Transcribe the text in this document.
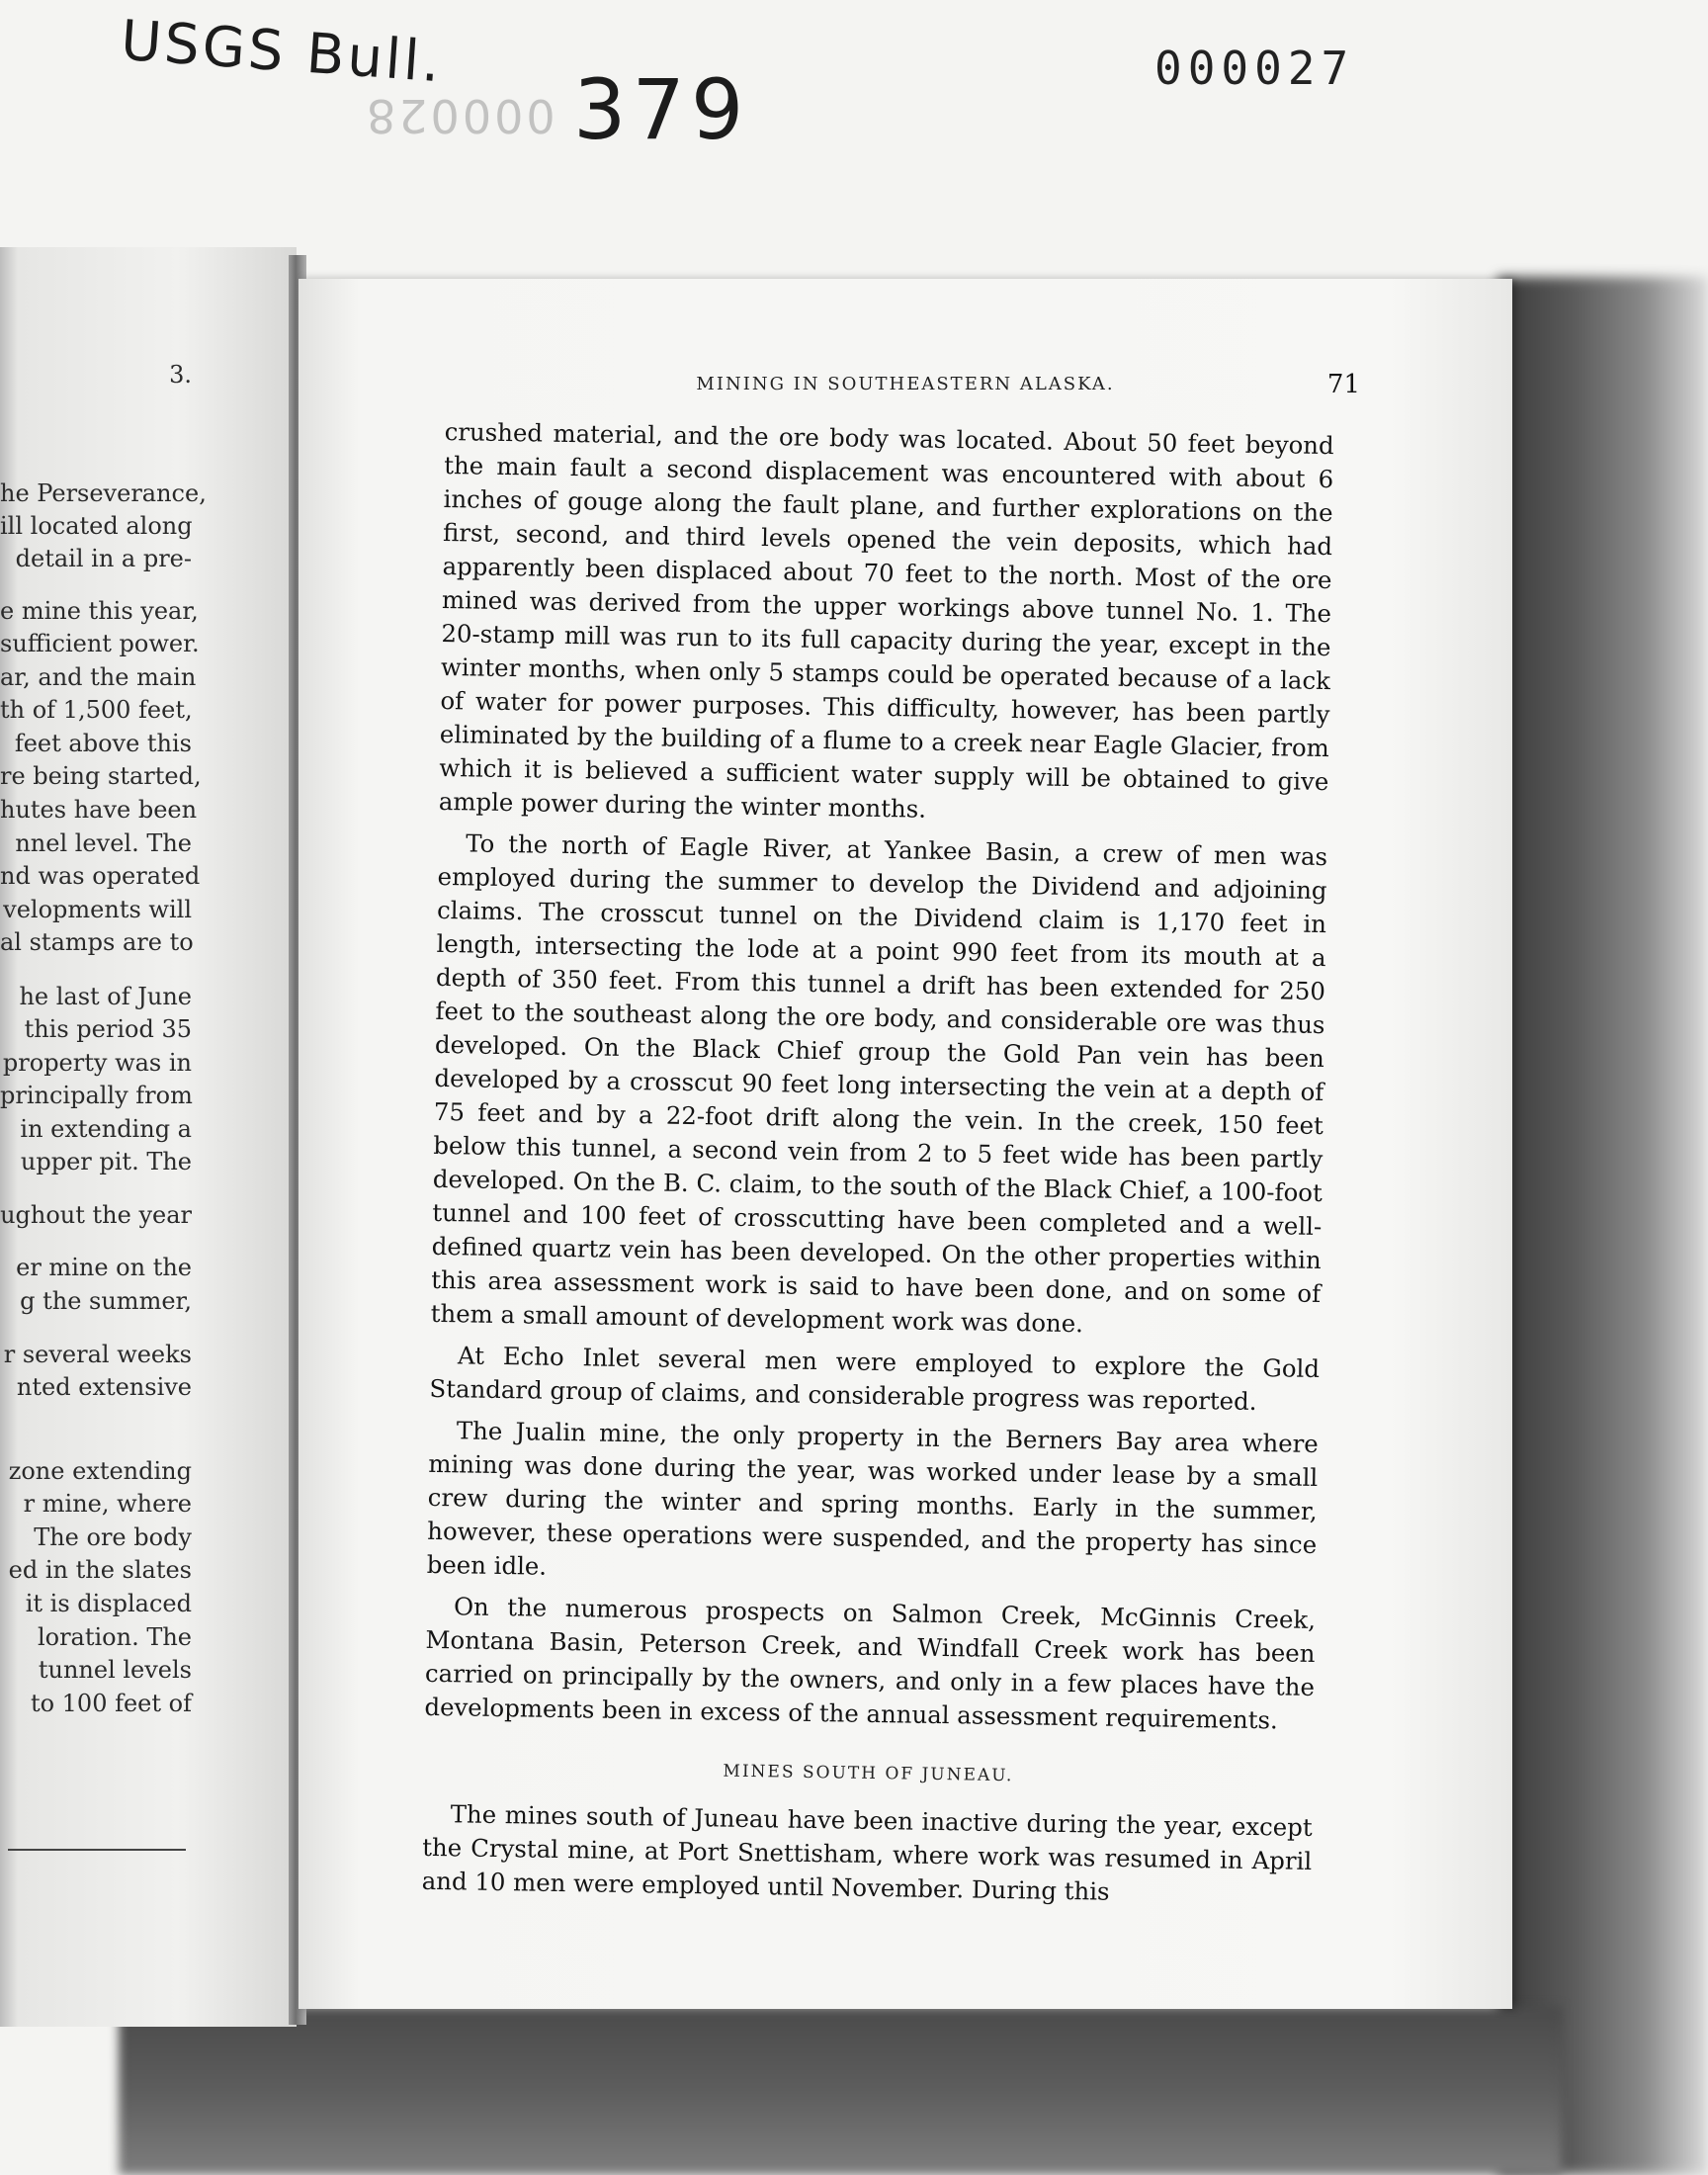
USGS Bull.
000028 379	000027
3.
he Perseverance,
ill located along
detail in a pre-
e mine this year,
sufficient power.
ar, and the main
th of 1,500 feet,
feet above this
re being started,
hutes have been
nnel level. The
nd was operated
velopments will
al stamps are to
he last of June
this period 35
property was in
principally from
in extending a
upper pit. The
ughout the year
er mine on the
g the summer,
r several weeks
nted extensive
zone extending
r mine, where
The ore body
ed in the slates
it is displaced
loration. The
tunnel levels
to 100 feet of
MINING IN SOUTHEASTERN ALASKA.	71

crushed material, and the ore body was located. About 50 feet beyond the main fault a second displacement was encountered with about 6 inches of gouge along the fault plane, and further explorations on the first, second, and third levels opened the vein deposits, which had apparently been displaced about 70 feet to the north. Most of the ore mined was derived from the upper workings above tunnel No. 1. The 20-stamp mill was run to its full capacity during the year, except in the winter months, when only 5 stamps could be operated because of a lack of water for power purposes. This difficulty, however, has been partly eliminated by the building of a flume to a creek near Eagle Glacier, from which it is believed a sufficient water supply will be obtained to give ample power during the winter months.

To the north of Eagle River, at Yankee Basin, a crew of men was employed during the summer to develop the Dividend and adjoining claims. The crosscut tunnel on the Dividend claim is 1,170 feet in length, intersecting the lode at a point 990 feet from its mouth at a depth of 350 feet. From this tunnel a drift has been extended for 250 feet to the southeast along the ore body, and considerable ore was thus developed. On the Black Chief group the Gold Pan vein has been developed by a crosscut 90 feet long intersecting the vein at a depth of 75 feet and by a 22-foot drift along the vein. In the creek, 150 feet below this tunnel, a second vein from 2 to 5 feet wide has been partly developed. On the B. C. claim, to the south of the Black Chief, a 100-foot tunnel and 100 feet of crosscutting have been completed and a well-defined quartz vein has been developed. On the other properties within this area assessment work is said to have been done, and on some of them a small amount of development work was done.

At Echo Inlet several men were employed to explore the Gold Standard group of claims, and considerable progress was reported.

The Jualin mine, the only property in the Berners Bay area where mining was done during the year, was worked under lease by a small crew during the winter and spring months. Early in the summer, however, these operations were suspended, and the property has since been idle.

On the numerous prospects on Salmon Creek, McGinnis Creek, Montana Basin, Peterson Creek, and Windfall Creek work has been carried on principally by the owners, and only in a few places have the developments been in excess of the annual assessment requirements.

MINES SOUTH OF JUNEAU.

The mines south of Juneau have been inactive during the year, except the Crystal mine, at Port Snettisham, where work was resumed in April and 10 men were employed until November. During this
